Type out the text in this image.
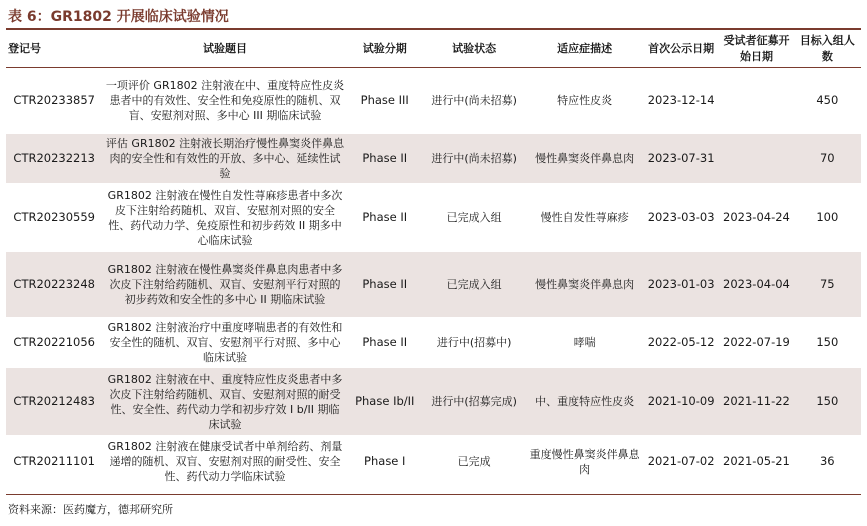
表 6：GR1802 开展临床试验情况
登记号	试验题目	试验分期	试验状态	适应症描述	首次公示日期	受试者征募开始日期	目标入组人数
CTR20233857	一项评价 GR1802 注射液在中、重度特应性皮炎患者中的有效性、安全性和免疫原性的随机、双盲、安慰剂对照、多中心 III 期临床试验	Phase III	进行中(尚未招募)	特应性皮炎	2023-12-14		450
CTR20232213	评估 GR1802 注射液长期治疗慢性鼻窦炎伴鼻息肉的安全性和有效性的开放、多中心、延续性试验	Phase II	进行中(尚未招募)	慢性鼻窦炎伴鼻息肉	2023-07-31		70
CTR20230559	GR1802 注射液在慢性自发性荨麻疹患者中多次皮下注射给药随机、双盲、安慰剂对照的安全性、药代动力学、免疫原性和初步药效 II 期多中心临床试验	Phase II	已完成入组	慢性自发性荨麻疹	2023-03-03	2023-04-24	100
CTR20223248	GR1802 注射液在慢性鼻窦炎伴鼻息肉患者中多次皮下注射给药随机、双盲、安慰剂平行对照的初步药效和安全性的多中心 II 期临床试验	Phase II	已完成入组	慢性鼻窦炎伴鼻息肉	2023-01-03	2023-04-04	75
CTR20221056	GR1802 注射液治疗中重度哮喘患者的有效性和安全性的随机、双盲、安慰剂平行对照、多中心临床试验	Phase II	进行中(招募中)	哮喘	2022-05-12	2022-07-19	150
CTR20212483	GR1802 注射液在中、重度特应性皮炎患者中多次皮下注射给药随机、双盲、安慰剂对照的耐受性、安全性、药代动力学和初步疗效 I b/II 期临床试验	Phase Ib/II	进行中(招募完成)	中、重度特应性皮炎	2021-10-09	2021-11-22	150
CTR20211101	GR1802 注射液在健康受试者中单剂给药、剂量递增的随机、双盲、安慰剂对照的耐受性、安全性、药代动力学临床试验	Phase I	已完成	重度慢性鼻窦炎伴鼻息肉	2021-07-02	2021-05-21	36
资料来源：医药魔方，德邦研究所
